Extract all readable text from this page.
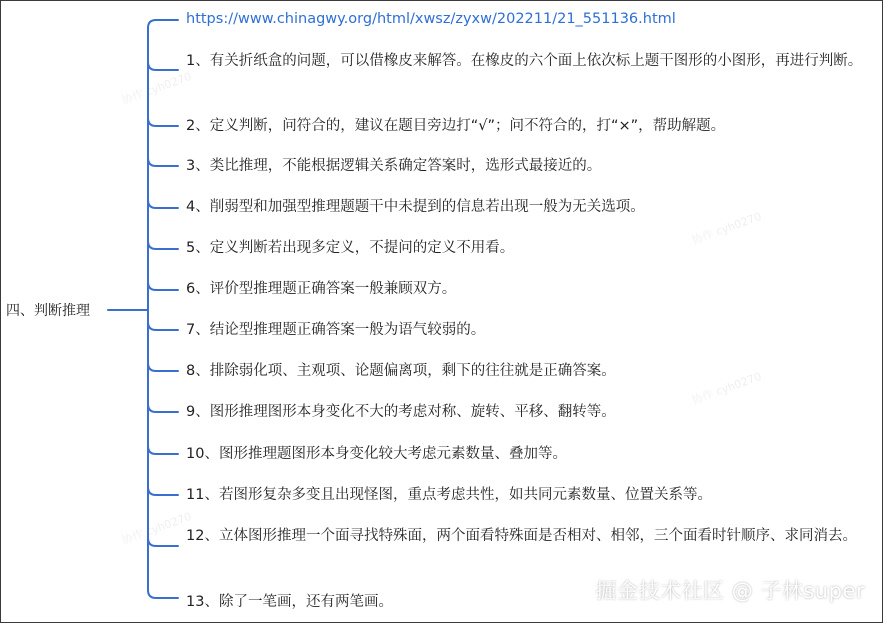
四、判断推理
https://www.chinagwy.org/html/xwsz/zyxw/202211/21_551136.html
1、有关折纸盒的问题，可以借橡皮来解答。在橡皮的六个面上依次标上题干图形的小图形，再进行判断。
2、定义判断，问符合的，建议在题目旁边打“√”；问不符合的，打“×”，帮助解题。
3、类比推理，不能根据逻辑关系确定答案时，选形式最接近的。
4、削弱型和加强型推理题题干中未提到的信息若出现一般为无关选项。
5、定义判断若出现多定义，不提问的定义不用看。
6、评价型推理题正确答案一般兼顾双方。
7、结论型推理题正确答案一般为语气较弱的。
8、排除弱化项、主观项、论题偏离项，剩下的往往就是正确答案。
9、图形推理图形本身变化不大的考虑对称、旋转、平移、翻转等。
10、图形推理题图形本身变化较大考虑元素数量、叠加等。
11、若图形复杂多变且出现怪图，重点考虑共性，如共同元素数量、位置关系等。
12、立体图形推理一个面寻找特殊面，两个面看特殊面是否相对、相邻，三个面看时针顺序、求同消去。
13、除了一笔画，还有两笔画。
协作 cyh0270
协作 cyh0270
协作 cyh0270
协作 cyh0270
掘金技术社区 @ 子林super
